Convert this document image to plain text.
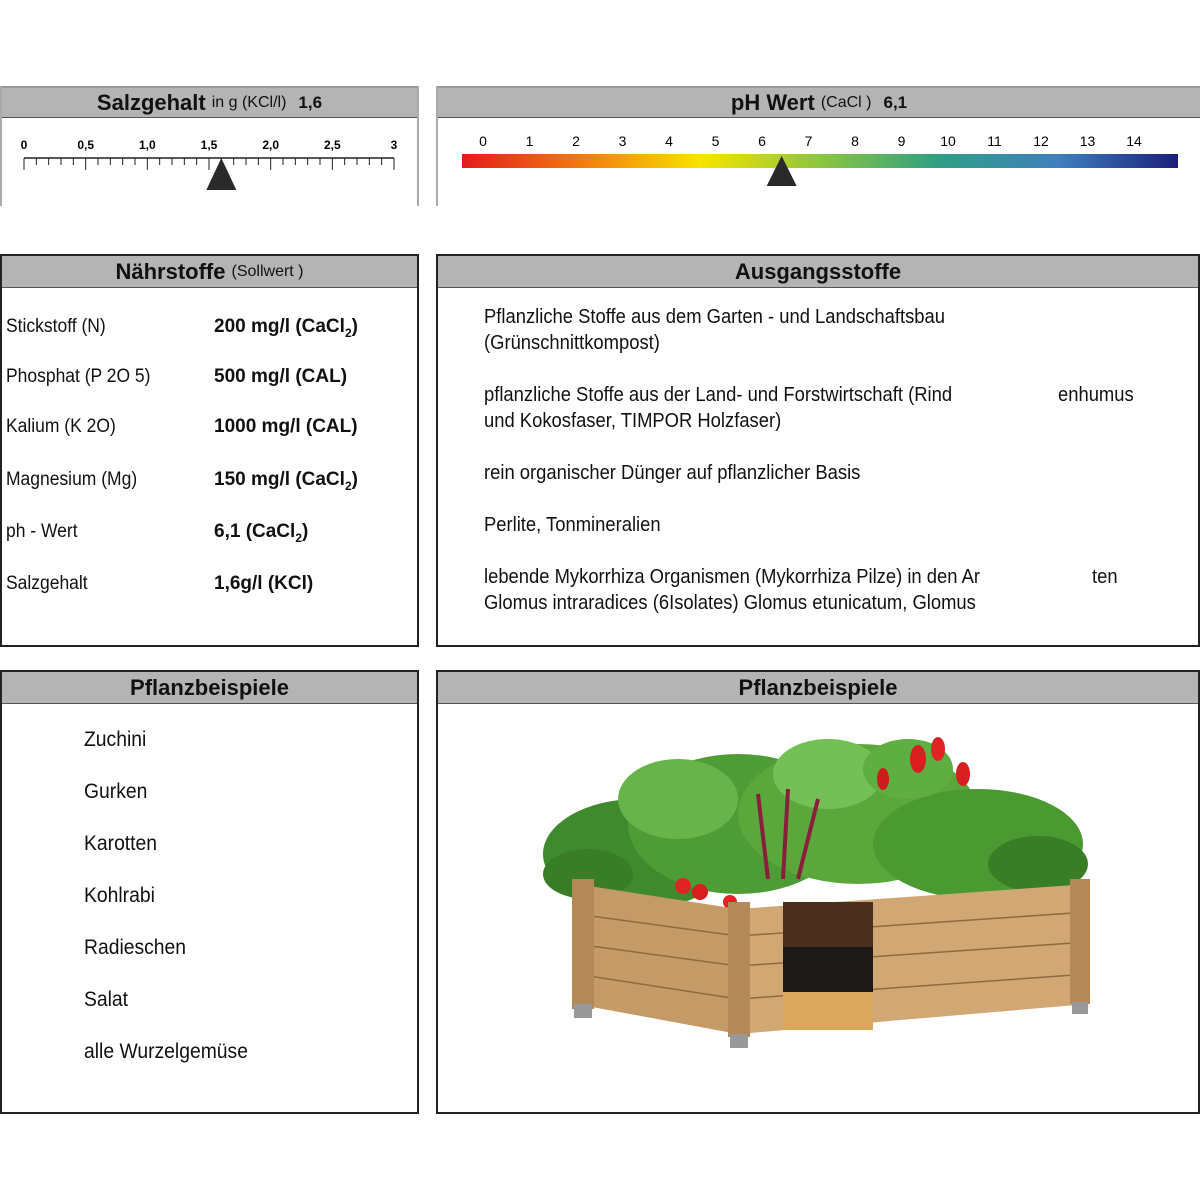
Salzgehalt in g (KCl/l) 1,6
0	0,5	1,0	1,5	2,0	2,5	3
pH Wert (CaCl ) 6,1
0	1	2	3	4	5	6	7	8	9 10 11 12 13 14
Nährstoffe (Sollwert )
Stickstoff (N)	200 mg/l (CaCl$_2$)
Phosphat (P 2O 5)	500 mg/l (CAL)
Kalium (K 2O)	1000 mg/l (CAL)
Magnesium (Mg)	150 mg/l (CaCl$_2$)
ph - Wert	6,1 (CaCl$_2$)
Salzgehalt	1,6g/l (KCl)
Ausgangsstoffe
Pflanzliche Stoffe aus dem Garten - und Landschaftsbau
(Grünschnittkompost)
pflanzliche Stoffe aus der Land- und Forstwirtschaft (Rind
und Kokosfaser, TIMPOR Holzfaser)
enhumus
rein organischer Dünger auf pflanzlicher Basis
Perlite, Tonmineralien
lebende Mykorrhiza Organismen (Mykorrhiza Pilze) in den Ar
Glomus intraradices (6Isolates) Glomus etunicatum, Glomus
ten
Pflanzbeispiele
Zuchini
Gurken
Karotten
Kohlrabi
Radieschen
Salat
alle Wurzelgemüse
Pflanzbeispiele
